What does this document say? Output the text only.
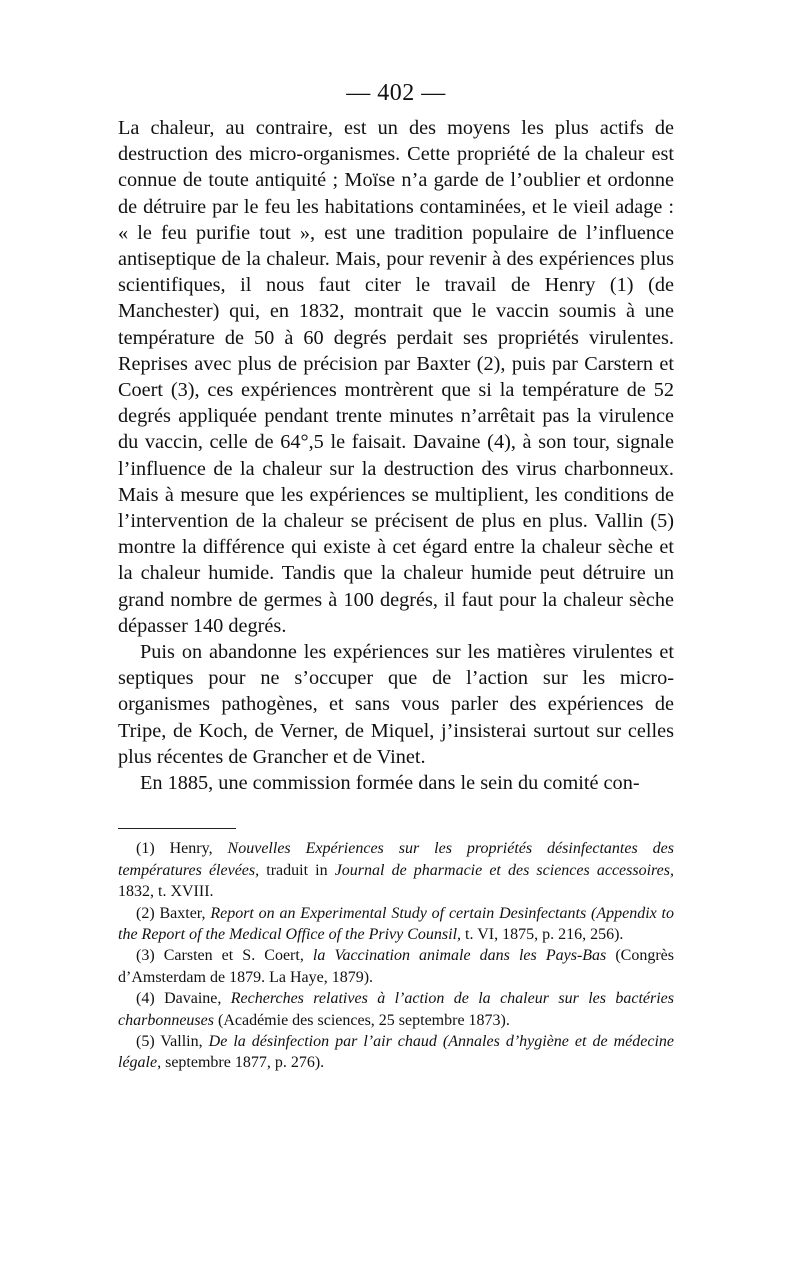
— 402 —

La chaleur, au contraire, est un des moyens les plus actifs de destruction des micro-organismes. Cette propriété de la chaleur est connue de toute antiquité ; Moïse n’a garde de l’oublier et ordonne de détruire par le feu les habitations contaminées, et le vieil adage : « le feu purifie tout », est une tradition populaire de l’influence antiseptique de la chaleur. Mais, pour revenir à des expériences plus scientifiques, il nous faut citer le travail de Henry (1) (de Manchester) qui, en 1832, montrait que le vaccin soumis à une température de 50 à 60 degrés perdait ses propriétés virulentes. Reprises avec plus de précision par Baxter (2), puis par Carstern et Coert (3), ces expériences montrèrent que si la température de 52 degrés appliquée pendant trente minutes n’arrêtait pas la virulence du vaccin, celle de 64°,5 le faisait. Davaine (4), à son tour, signale l’influence de la chaleur sur la destruction des virus charbonneux. Mais à mesure que les expériences se multiplient, les conditions de l’intervention de la chaleur se précisent de plus en plus. Vallin (5) montre la différence qui existe à cet égard entre la chaleur sèche et la chaleur humide. Tandis que la chaleur humide peut détruire un grand nombre de germes à 100 degrés, il faut pour la chaleur sèche dépasser 140 degrés.

Puis on abandonne les expériences sur les matières virulentes et septiques pour ne s’occuper que de l’action sur les micro-organismes pathogènes, et sans vous parler des expériences de Tripe, de Koch, de Verner, de Miquel, j’insisterai surtout sur celles plus récentes de Grancher et de Vinet.

En 1885, une commission formée dans le sein du comité con-

(1) Henry, Nouvelles Expériences sur les propriétés désinfectantes des températures élevées, traduit in Journal de pharmacie et des sciences accessoires, 1832, t. XVIII.

(2) Baxter, Report on an Experimental Study of certain Desinfectants (Appendix to the Report of the Medical Office of the Privy Counsil, t. VI, 1875, p. 216, 256).

(3) Carsten et S. Coert, la Vaccination animale dans les Pays-Bas (Congrès d’Amsterdam de 1879. La Haye, 1879).

(4) Davaine, Recherches relatives à l’action de la chaleur sur les bactéries charbonneuses (Académie des sciences, 25 septembre 1873).

(5) Vallin, De la désinfection par l’air chaud (Annales d’hygiène et de médecine légale, septembre 1877, p. 276).
